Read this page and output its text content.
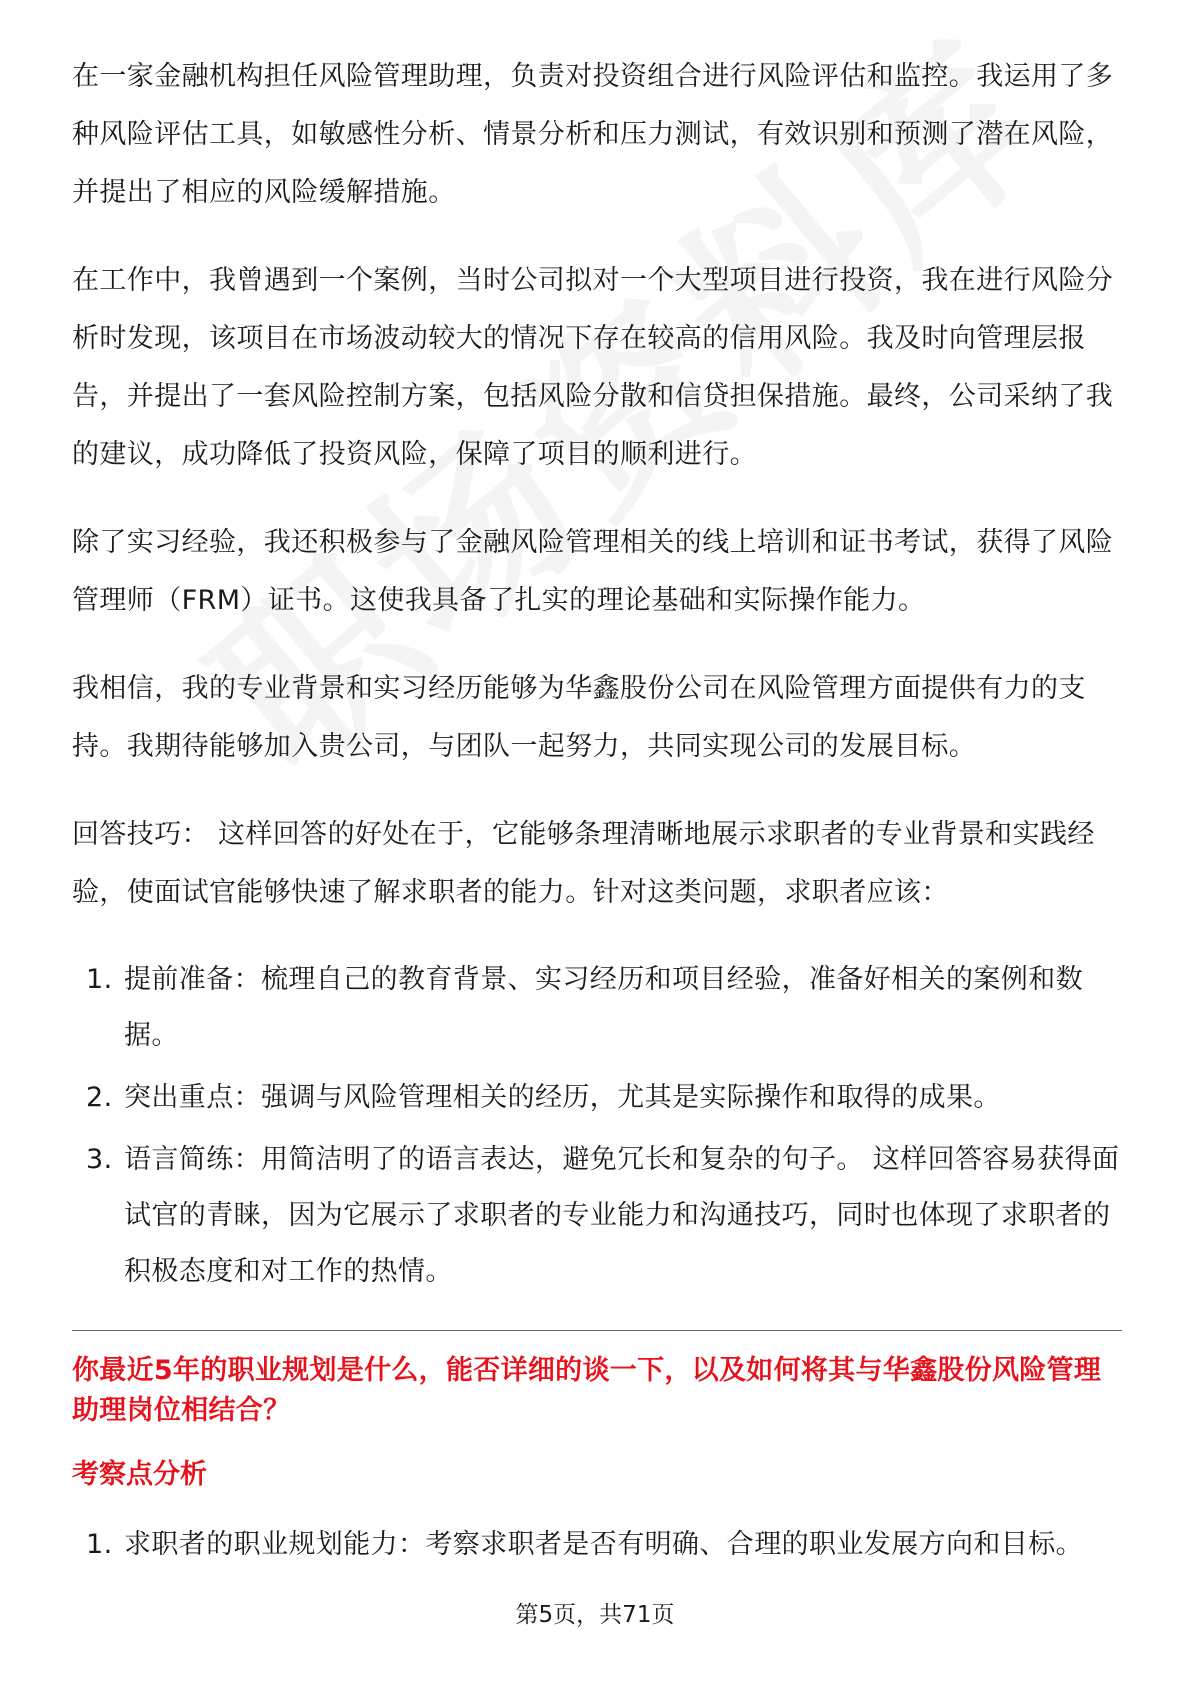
在一家金融机构担任风险管理助理，负责对投资组合进行风险评估和监控。我运用了多种风险评估工具，如敏感性分析、情景分析和压力测试，有效识别和预测了潜在风险，并提出了相应的风险缓解措施。

在工作中，我曾遇到一个案例，当时公司拟对一个大型项目进行投资，我在进行风险分析时发现，该项目在市场波动较大的情况下存在较高的信用风险。我及时向管理层报告，并提出了一套风险控制方案，包括风险分散和信贷担保措施。最终，公司采纳了我的建议，成功降低了投资风险，保障了项目的顺利进行。

除了实习经验，我还积极参与了金融风险管理相关的线上培训和证书考试，获得了风险管理师（FRM）证书。这使我具备了扎实的理论基础和实际操作能力。

我相信，我的专业背景和实习经历能够为华鑫股份公司在风险管理方面提供有力的支持。我期待能够加入贵公司，与团队一起努力，共同实现公司的发展目标。

回答技巧： 这样回答的好处在于，它能够条理清晰地展示求职者的专业背景和实践经验，使面试官能够快速了解求职者的能力。针对这类问题，求职者应该：

1. 提前准备：梳理自己的教育背景、实习经历和项目经验，准备好相关的案例和数据。
2. 突出重点：强调与风险管理相关的经历，尤其是实际操作和取得的成果。
3. 语言简练：用简洁明了的语言表达，避免冗长和复杂的句子。 这样回答容易获得面试官的青睐，因为它展示了求职者的专业能力和沟通技巧，同时也体现了求职者的积极态度和对工作的热情。
你最近5年的职业规划是什么，能否详细的谈一下，以及如何将其与华鑫股份风险管理助理岗位相结合？
考察点分析
1. 求职者的职业规划能力：考察求职者是否有明确、合理的职业发展方向和目标。
第5页，共71页
